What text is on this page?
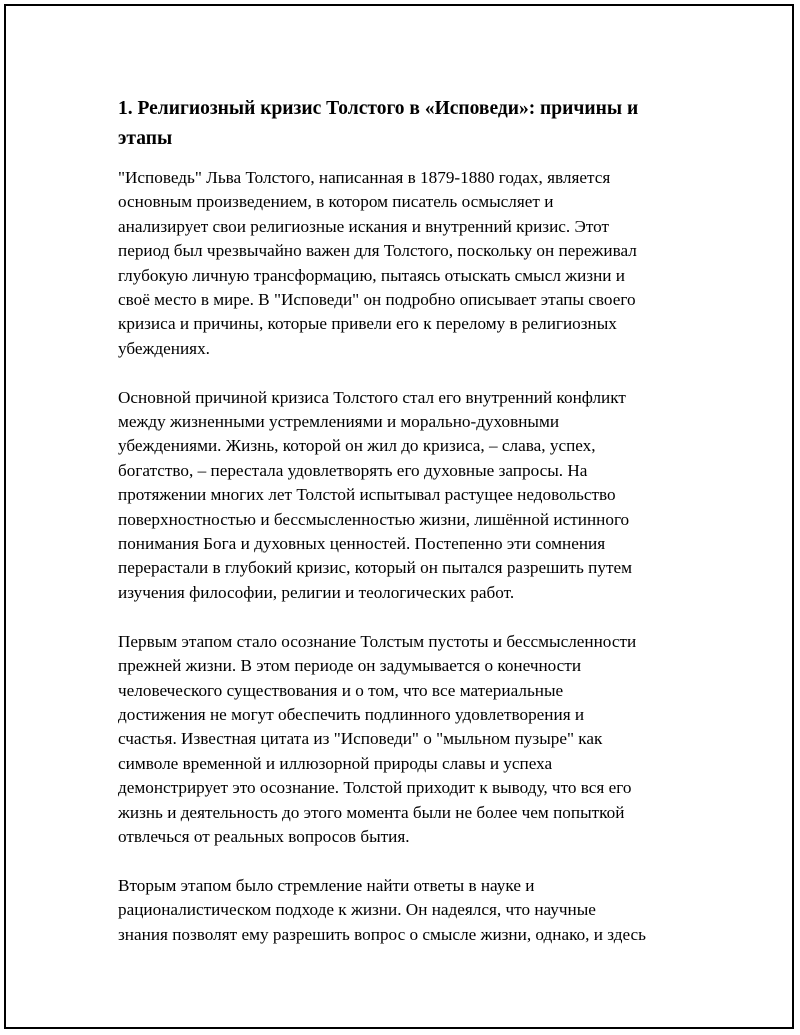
1. Религиозный кризис Толстого в «Исповеди»: причины и
этапы

"Исповедь" Льва Толстого, написанная в 1879-1880 годах, является
основным произведением, в котором писатель осмысляет и
анализирует свои религиозные искания и внутренний кризис. Этот
период был чрезвычайно важен для Толстого, поскольку он переживал
глубокую личную трансформацию, пытаясь отыскать смысл жизни и
своё место в мире. В "Исповеди" он подробно описывает этапы своего
кризиса и причины, которые привели его к перелому в религиозных
убеждениях.

Основной причиной кризиса Толстого стал его внутренний конфликт
между жизненными устремлениями и морально-духовными
убеждениями. Жизнь, которой он жил до кризиса, – слава, успех,
богатство, – перестала удовлетворять его духовные запросы. На
протяжении многих лет Толстой испытывал растущее недовольство
поверхностностью и бессмысленностью жизни, лишённой истинного
понимания Бога и духовных ценностей. Постепенно эти сомнения
перерастали в глубокий кризис, который он пытался разрешить путем
изучения философии, религии и теологических работ.

Первым этапом стало осознание Толстым пустоты и бессмысленности
прежней жизни. В этом периоде он задумывается о конечности
человеческого существования и о том, что все материальные
достижения не могут обеспечить подлинного удовлетворения и
счастья. Известная цитата из "Исповеди" о "мыльном пузыре" как
символе временной и иллюзорной природы славы и успеха
демонстрирует это осознание. Толстой приходит к выводу, что вся его
жизнь и деятельность до этого момента были не более чем попыткой
отвлечься от реальных вопросов бытия.

Вторым этапом было стремление найти ответы в науке и
рационалистическом подходе к жизни. Он надеялся, что научные
знания позволят ему разрешить вопрос о смысле жизни, однако, и здесь
